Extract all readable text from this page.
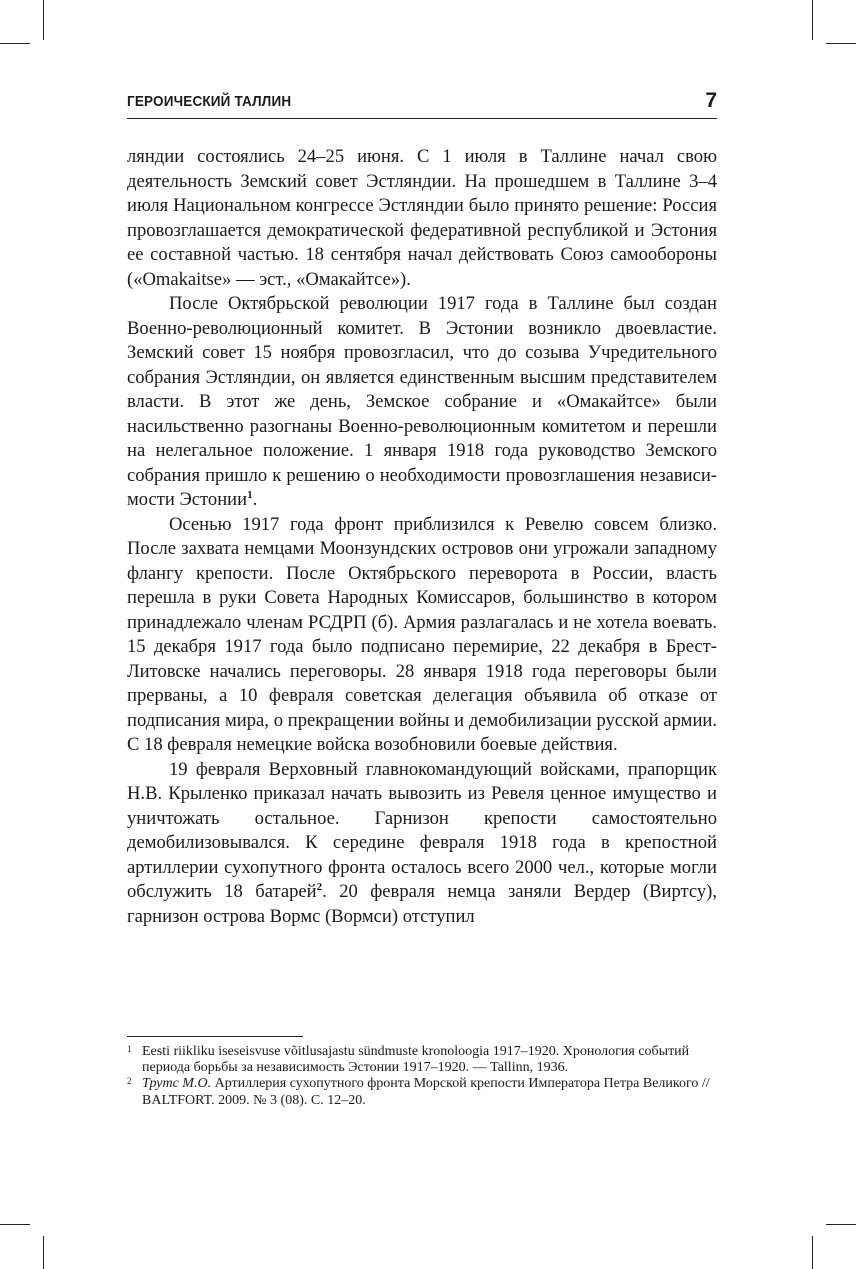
ГЕРОИЧЕСКИЙ ТАЛЛИН	7

ляндии состоялись 24–25 июня. С 1 июля в Таллине начал свою деятельность Земский совет Эстляндии. На прошедшем в Таллине 3–4 июля Национальном конгрессе Эстляндии было принято решение: Россия провозглашается демократической федеративной республикой и Эстония ее составной частью. 18 сентября начал действовать Союз самообороны («Omakaitse» — эст., «Омакайтсе»).

После Октябрьской революции 1917 года в Таллине был создан Военно-революционный комитет. В Эстонии возникло двоевластие. Земский совет 15 ноября провозгласил, что до созыва Учредительного собрания Эстляндии, он является единственным высшим представителем власти. В этот же день, Земское собрание и «Омакайтсе» были насильственно разогнаны Военно-революционным комитетом и перешли на нелегальное положение. 1 января 1918 года руководство Земского собрания пришло к решению о необходимости провозглашения независимости Эстонии$^1$.

Осенью 1917 года фронт приблизился к Ревелю совсем близко. После захвата немцами Моонзундских островов они угрожали западному флангу крепости. После Октябрьского переворота в России, власть перешла в руки Совета Народных Комиссаров, большинство в котором принадлежало членам РСДРП (б). Армия разлагалась и не хотела воевать. 15 декабря 1917 года было подписано перемирие, 22 декабря в Брест-Литовске начались переговоры. 28 января 1918 года переговоры были прерваны, а 10 февраля советская делегация объявила об отказе от подписания мира, о прекращении войны и демобилизации русской армии. С 18 февраля немецкие войска возобновили боевые действия.

19 февраля Верховный главнокомандующий войсками, прапорщик Н.В. Крыленко приказал начать вывозить из Ревеля ценное имущество и уничтожать остальное. Гарнизон крепости самостоятельно демобилизовывался. К середине февраля 1918 года в крепостной артиллерии сухопутного фронта осталось всего 2000 чел., которые могли обслужить 18 батарей$^2$. 20 февраля немца заняли Вердер (Виртсу), гарнизон острова Вормс (Вормси) отступил

1 Eesti riikliku iseseisvuse võitlusajastu sündmuste kronoloogia 1917–1920. Хронология событий периода борьбы за независимость Эстонии 1917–1920. — Tallinn, 1936.
2 Трутс М.О. Артиллерия сухопутного фронта Морской крепости Императора Петра Великого // BALTFORT. 2009. № 3 (08). С. 12–20.
